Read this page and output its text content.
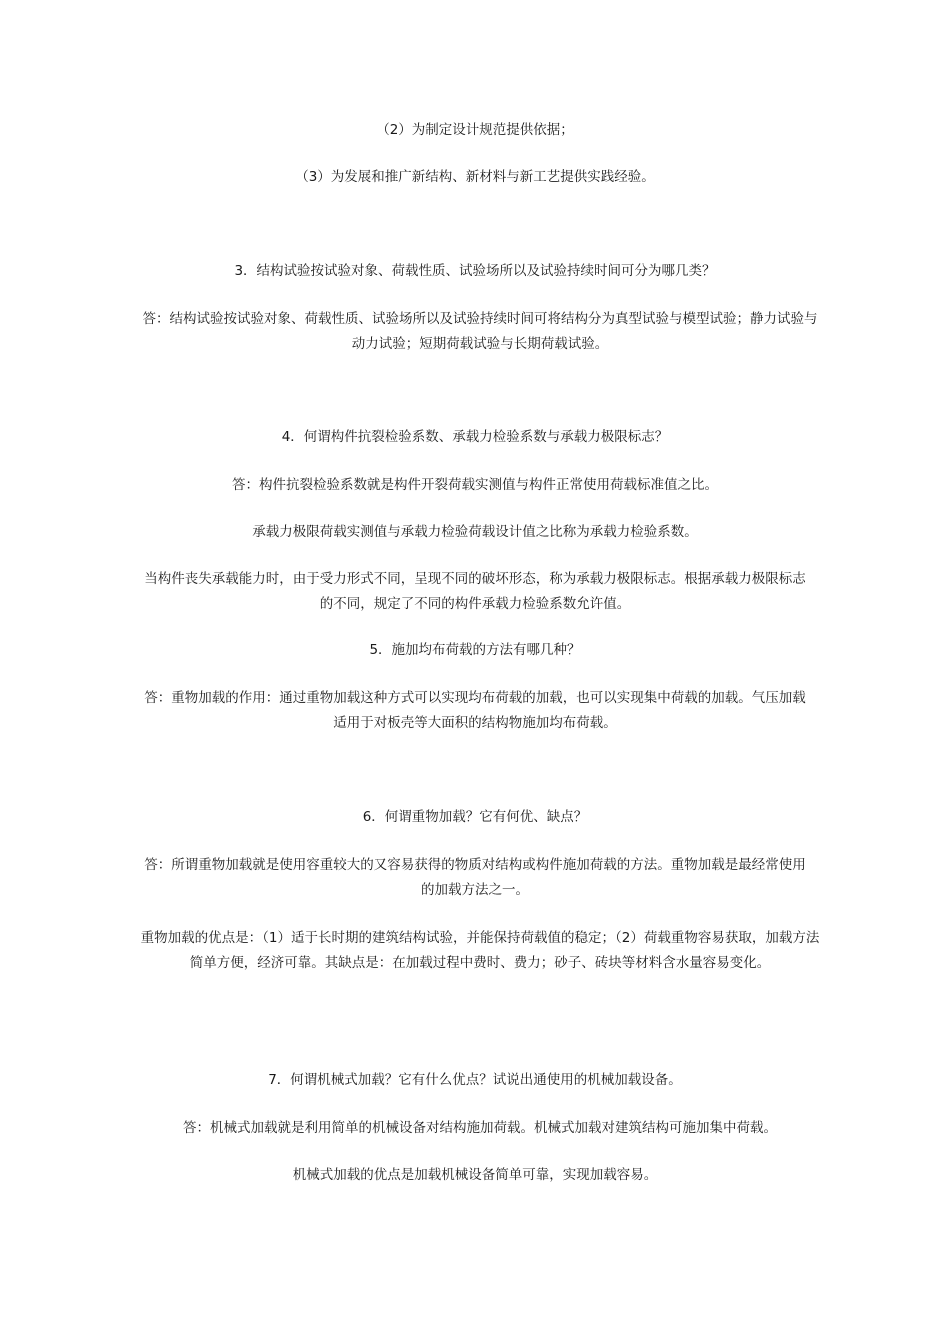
（2）为制定设计规范提供依据；
（3）为发展和推广新结构、新材料与新工艺提供实践经验。
3．结构试验按试验对象、荷载性质、试验场所以及试验持续时间可分为哪几类？
答：结构试验按试验对象、荷载性质、试验场所以及试验持续时间可将结构分为真型试验与模型试验；静力试验与动力试验；短期荷载试验与长期荷载试验。
4．何谓构件抗裂检验系数、承载力检验系数与承载力极限标志？
答：构件抗裂检验系数就是构件开裂荷载实测值与构件正常使用荷载标准值之比。
承载力极限荷载实测值与承载力检验荷载设计值之比称为承载力检验系数。
当构件丧失承载能力时，由于受力形式不同，呈现不同的破坏形态，称为承载力极限标志。根据承载力极限标志的不同，规定了不同的构件承载力检验系数允许值。
5．施加均布荷载的方法有哪几种？
答：重物加载的作用：通过重物加载这种方式可以实现均布荷载的加载，也可以实现集中荷载的加载。气压加载适用于对板壳等大面积的结构物施加均布荷载。
6．何谓重物加载？它有何优、缺点？
答：所谓重物加载就是使用容重较大的又容易获得的物质对结构或构件施加荷载的方法。重物加载是最经常使用的加载方法之一。
重物加载的优点是：（1）适于长时期的建筑结构试验，并能保持荷载值的稳定；（2）荷载重物容易获取，加载方法简单方便，经济可靠。其缺点是：在加载过程中费时、费力；砂子、砖块等材料含水量容易变化。
7．何谓机械式加载？它有什么优点？试说出通使用的机械加载设备。
答：机械式加载就是利用简单的机械设备对结构施加荷载。机械式加载对建筑结构可施加集中荷载。
机械式加载的优点是加载机械设备简单可靠，实现加载容易。
